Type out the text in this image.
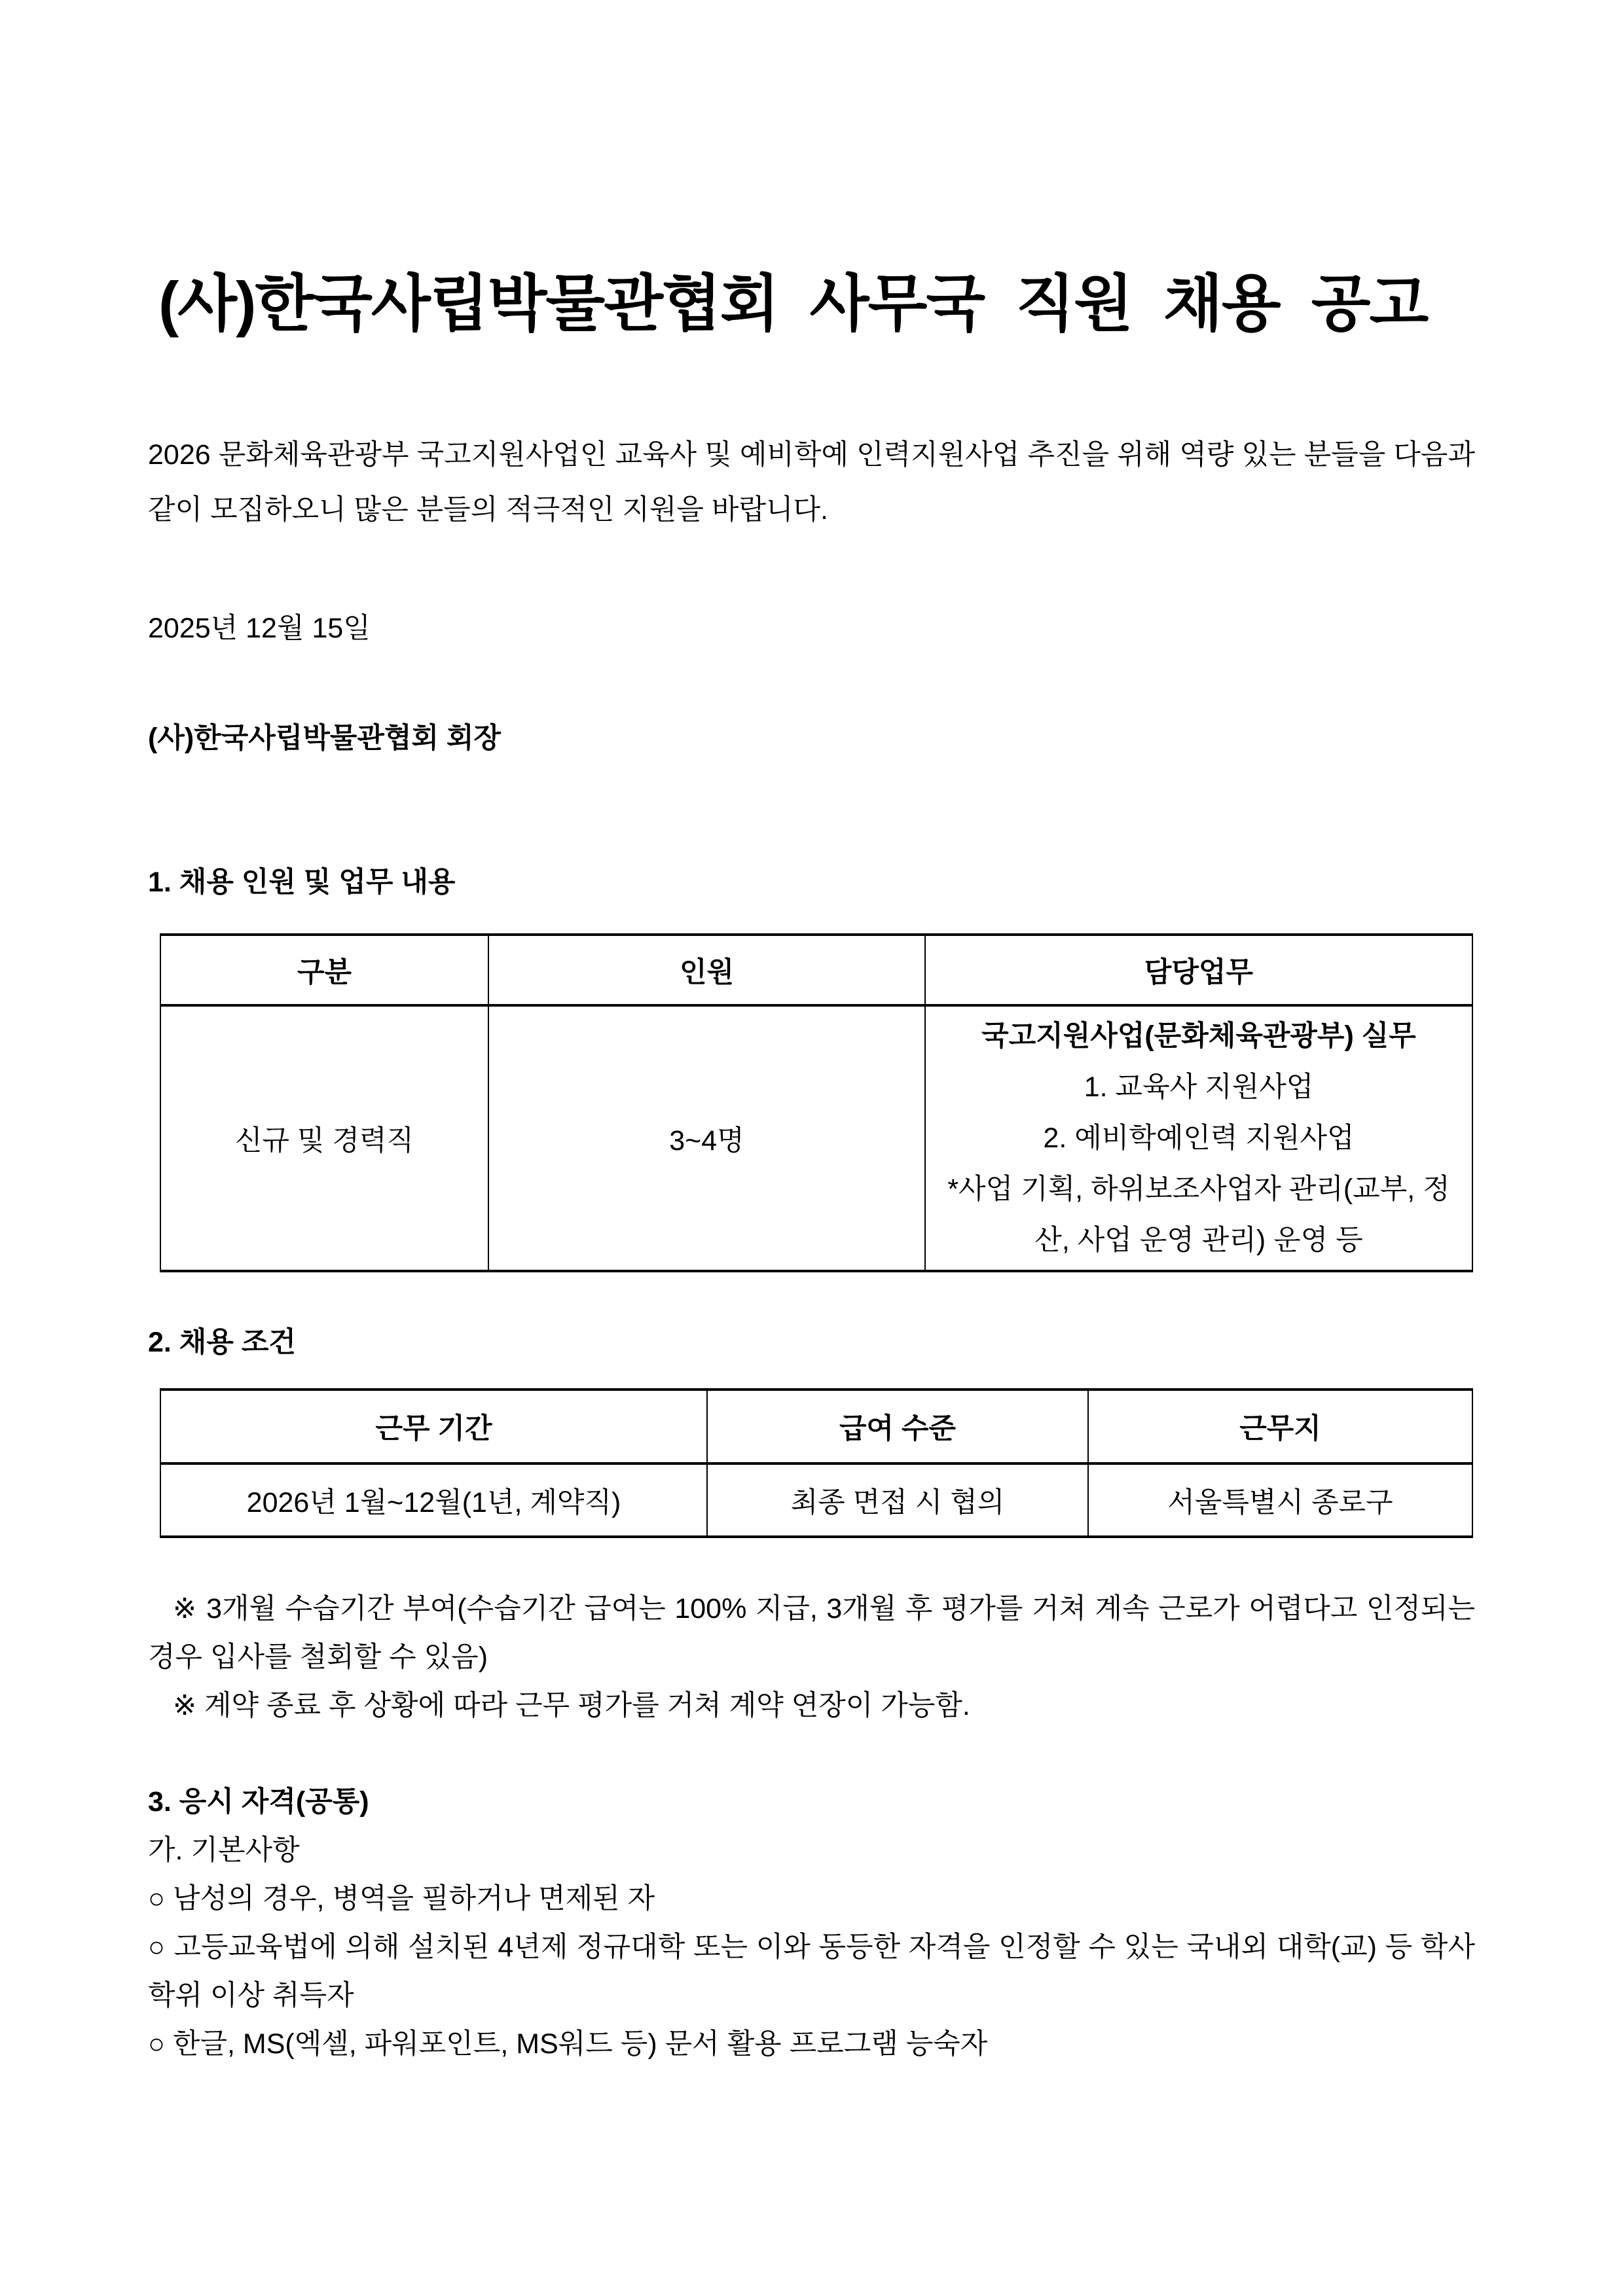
(사)한국사립박물관협회 사무국 직원 채용 공고

2026 문화체육관광부 국고지원사업인 교육사 및 예비학예 인력지원사업 추진을 위해 역량 있는 분들을 다음과 같이 모집하오니 많은 분들의 적극적인 지원을 바랍니다.

2025년 12월 15일

(사)한국사립박물관협회 회장

1. 채용 인원 및 업무 내용
구분	인원	담당업무
신규 및 경력직	3~4명	국고지원사업(문화체육관광부) 실무
1. 교육사 지원사업
2. 예비학예인력 지원사업
*사업 기획, 하위보조사업자 관리(교부, 정산, 사업 운영 관리) 운영 등
2. 채용 조건
근무 기간	급여 수준	근무지
2026년 1월~12월(1년, 계약직)	최종 면접 시 협의	서울특별시 종로구

※ 3개월 수습기간 부여(수습기간 급여는 100% 지급, 3개월 후 평가를 거쳐 계속 근로가 어렵다고 인정되는 경우 입사를 철회할 수 있음)

※ 계약 종료 후 상황에 따라 근무 평가를 거쳐 계약 연장이 가능함.

3. 응시 자격(공통)

가. 기본사항

○ 남성의 경우, 병역을 필하거나 면제된 자

○ 고등교육법에 의해 설치된 4년제 정규대학 또는 이와 동등한 자격을 인정할 수 있는 국내외 대학(교) 등 학사 학위 이상 취득자

○ 한글, MS(엑셀, 파워포인트, MS워드 등) 문서 활용 프로그램 능숙자
